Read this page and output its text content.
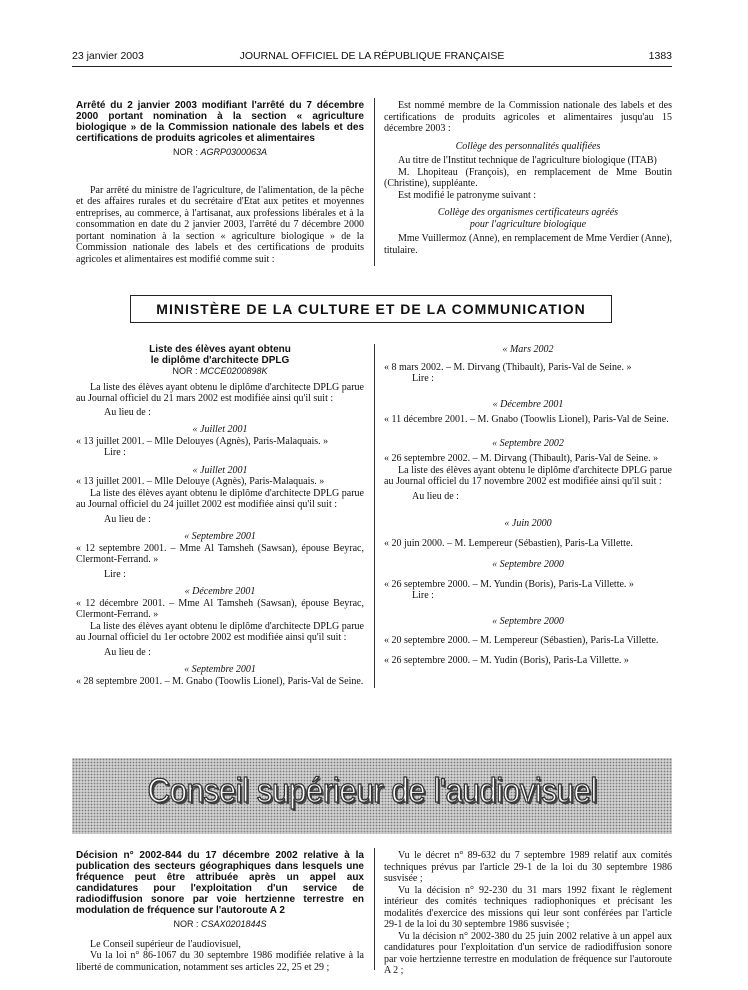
23 janvier 2003	JOURNAL OFFICIEL DE LA RÉPUBLIQUE FRANÇAISE	1383
Arrêté du 2 janvier 2003 modifiant l'arrêté du 7 décembre 2000 portant nomination à la section « agriculture biologique » de la Commission nationale des labels et des certifications de produits agricoles et alimentaires
NOR : AGRP0300063A

Par arrêté du ministre de l'agriculture, de l'alimentation, de la pêche et des affaires rurales et du secrétaire d'Etat aux petites et moyennes entreprises, au commerce, à l'artisanat, aux professions libérales et à la consommation en date du 2 janvier 2003, l'arrêté du 7 décembre 2000 portant nomination à la section « agriculture biologique » de la Commission nationale des labels et des certifications de produits agricoles et alimentaires est modifié comme suit :

Est nommé membre de la Commission nationale des labels et des certifications de produits agricoles et alimentaires jusqu'au 15 décembre 2003 :

Collège des personnalités qualifiées

Au titre de l'Institut technique de l'agriculture biologique (ITAB)

M. Lhopiteau (François), en remplacement de Mme Boutin (Christine), suppléante.

Est modifié le patronyme suivant :

Collège des organismes certificateurs agréés

pour l'agriculture biologique

Mme Vuillermoz (Anne), en remplacement de Mme Verdier (Anne), titulaire.

MINISTÈRE DE LA CULTURE ET DE LA COMMUNICATION
Liste des élèves ayant obtenu
le diplôme d'architecte DPLG
NOR : MCCE0200898K

La liste des élèves ayant obtenu le diplôme d'architecte DPLG parue au Journal officiel du 21 mars 2002 est modifiée ainsi qu'il suit :

Au lieu de :

« Juillet 2001

« 13 juillet 2001. – Mlle Delouyes (Agnès), Paris-Malaquais. »

Lire :

« Juillet 2001

« 13 juillet 2001. – Mlle Delouye (Agnès), Paris-Malaquais. »

La liste des élèves ayant obtenu le diplôme d'architecte DPLG parue au Journal officiel du 24 juillet 2002 est modifiée ainsi qu'il suit :

Au lieu de :

« Septembre 2001

« 12 septembre 2001. – Mme Al Tamsheh (Sawsan), épouse Beyrac, Clermont-Ferrand. »

Lire :

« Décembre 2001

« 12 décembre 2001. – Mme Al Tamsheh (Sawsan), épouse Beyrac, Clermont-Ferrand. »

La liste des élèves ayant obtenu le diplôme d'architecte DPLG parue au Journal officiel du 1er octobre 2002 est modifiée ainsi qu'il suit :

Au lieu de :

« Septembre 2001

« 28 septembre 2001. – M. Gnabo (Toowlis Lionel), Paris-Val de Seine.

« Mars 2002

« 8 mars 2002. – M. Dirvang (Thibault), Paris-Val de Seine. »

Lire :

« Décembre 2001

« 11 décembre 2001. – M. Gnabo (Toowlis Lionel), Paris-Val de Seine.

« Septembre 2002

« 26 septembre 2002. – M. Dirvang (Thibault), Paris-Val de Seine. »

La liste des élèves ayant obtenu le diplôme d'architecte DPLG parue au Journal officiel du 17 novembre 2002 est modifiée ainsi qu'il suit :

Au lieu de :

« Juin 2000

« 20 juin 2000. – M. Lempereur (Sébastien), Paris-La Villette.

« Septembre 2000

« 26 septembre 2000. – M. Yundin (Boris), Paris-La Villette. »

Lire :

« Septembre 2000

« 20 septembre 2000. – M. Lempereur (Sébastien), Paris-La Villette.

« 26 septembre 2000. – M. Yudin (Boris), Paris-La Villette. »

Conseil supérieur de l'audiovisuel
Décision n° 2002-844 du 17 décembre 2002 relative à la publication des secteurs géographiques dans lesquels une fréquence peut être attribuée après un appel aux candidatures pour l'exploitation d'un service de radiodiffusion sonore par voie hertzienne terrestre en modulation de fréquence sur l'autoroute A 2
NOR : CSAX0201844S

Le Conseil supérieur de l'audiovisuel,

Vu la loi n° 86-1067 du 30 septembre 1986 modifiée relative à la liberté de communication, notamment ses articles 22, 25 et 29 ;

Vu le décret n° 89-632 du 7 septembre 1989 relatif aux comités techniques prévus par l'article 29-1 de la loi du 30 septembre 1986 susvisée ;

Vu la décision n° 92-230 du 31 mars 1992 fixant le règlement intérieur des comités techniques radiophoniques et précisant les modalités d'exercice des missions qui leur sont conférées par l'article 29-1 de la loi du 30 septembre 1986 susvisée ;

Vu la décision n° 2002-380 du 25 juin 2002 relative à un appel aux candidatures pour l'exploitation d'un service de radiodiffusion sonore par voie hertzienne terrestre en modulation de fréquence sur l'autoroute A 2 ;
